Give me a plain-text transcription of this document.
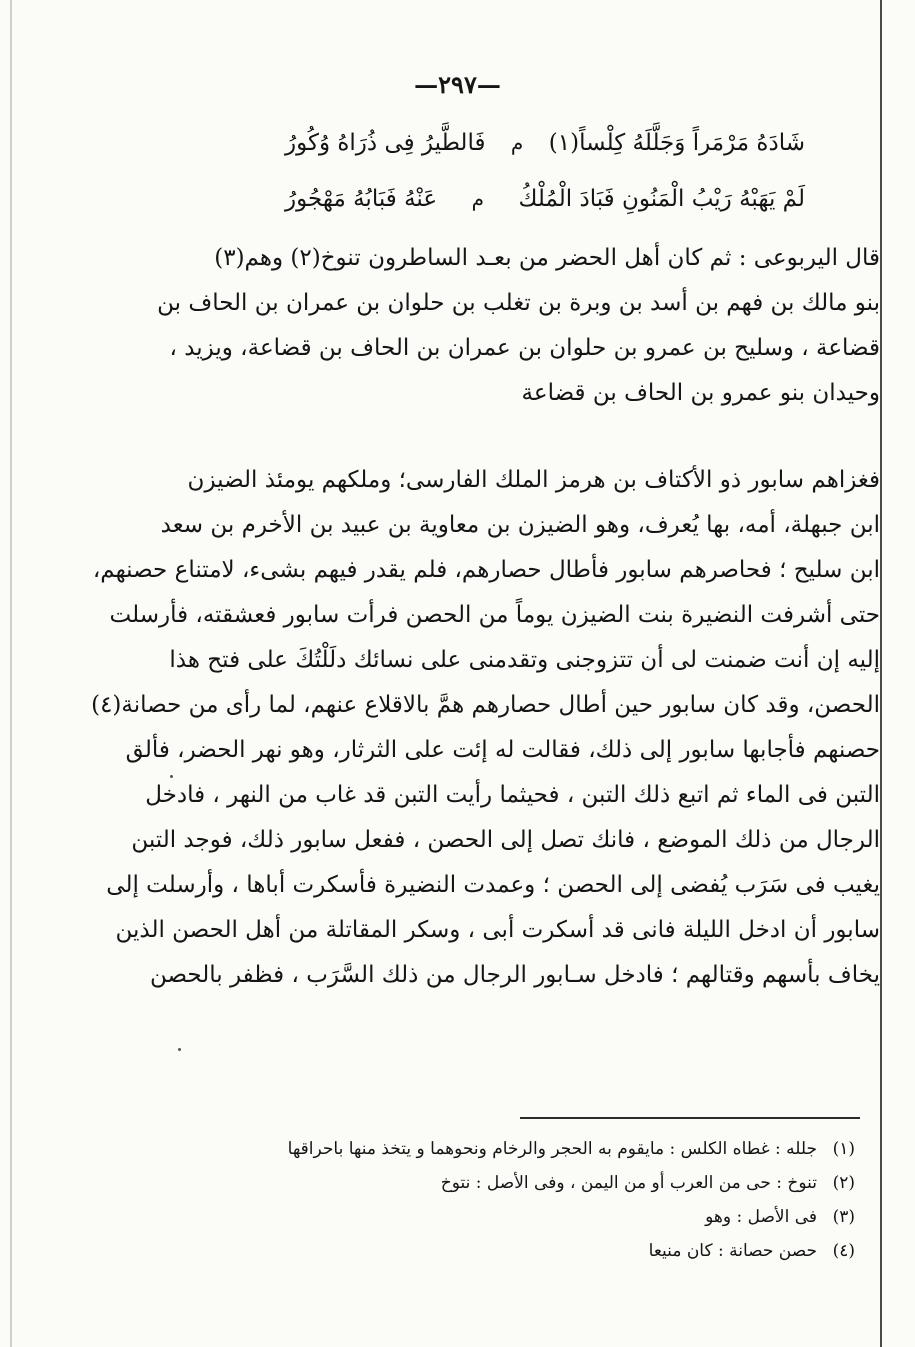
—٢٩٧—
شَادَهُ مَرْمَراً وَجَلَّلَهُ كِلْساً(١)
م
فَالطَّيرُ فِى ذُرَاهُ وُكُورُ
لَمْ يَهَبْهُ رَيْبُ الْمَنُونِ فَبَادَ الْمُلْكُ
م
عَنْهُ فَبَابُهُ مَهْجُورُ
قال اليربوعى : ثم كان أهل الحضر من بعـد الساطرون تنوخ(٢) وهم(٣)
بنو مالك بن فهم بن أسد بن وبرة بن تغلب بن حلوان بن عمران بن الحاف بن
قضاعة ، وسليح بن عمرو بن حلوان بن عمران بن الحاف بن قضاعة، ويزيد ،
وحيدان بنو عمرو بن الحاف بن قضاعة
فغزاهم سابور ذو الأكتاف بن هرمز الملك الفارسى؛ وملكهم يومئذ الضيزن
ابن جبهلة، أمه، بها يُعرف، وهو الضيزن بن معاوية بن عبيد بن الأخرم بن سعد
ابن سليح ؛ فحاصرهم سابور فأطال حصارهم، فلم يقدر فيهم بشىء، لامتناع حصنهم،
حتى أشرفت النضيرة بنت الضيزن يوماً من الحصن فرأت سابور فعشقته، فأرسلت
إليه إن أنت ضمنت لى أن تتزوجنى وتقدمنى على نسائك دلَلْتُكَ على فتح هذا
الحصن، وقد كان سابور حين أطال حصارهم همَّ بالاقلاع عنهم، لما رأى من حصانة(٤)
حصنهم فأجابها سابور إلى ذلك، فقالت له إئت على الثرثار، وهو نهر الحضر، فألق
التبن فى الماء ثم اتبع ذلك التبن ، فحيثما رأيت التبن قد غاب من النهر ، فادخل
الرجال من ذلك الموضع ، فانك تصل إلى الحصن ، ففعل سابور ذلك، فوجد التبن
يغيب فى سَرَب يُفضى إلى الحصن ؛ وعمدت النضيرة فأسكرت أباها ، وأرسلت إلى
سابور أن ادخل الليلة فانى قد أسكرت أبى ، وسكر المقاتلة من أهل الحصن الذين
يخاف بأسهم وقتالهم ؛ فادخل سـابور الرجال من ذلك السَّرَب ، فظفر بالحصن
(١)جلله : غطاه الكلس : مايقوم به الحجر والرخام ونحوهما و يتخذ منها باحراقها
(٢)تنوخ : حى من العرب أو من اليمن ، وفى الأصل : نتوخ
(٣)فى الأصل : وهو
(٤)حصن حصانة : كان منيعا
